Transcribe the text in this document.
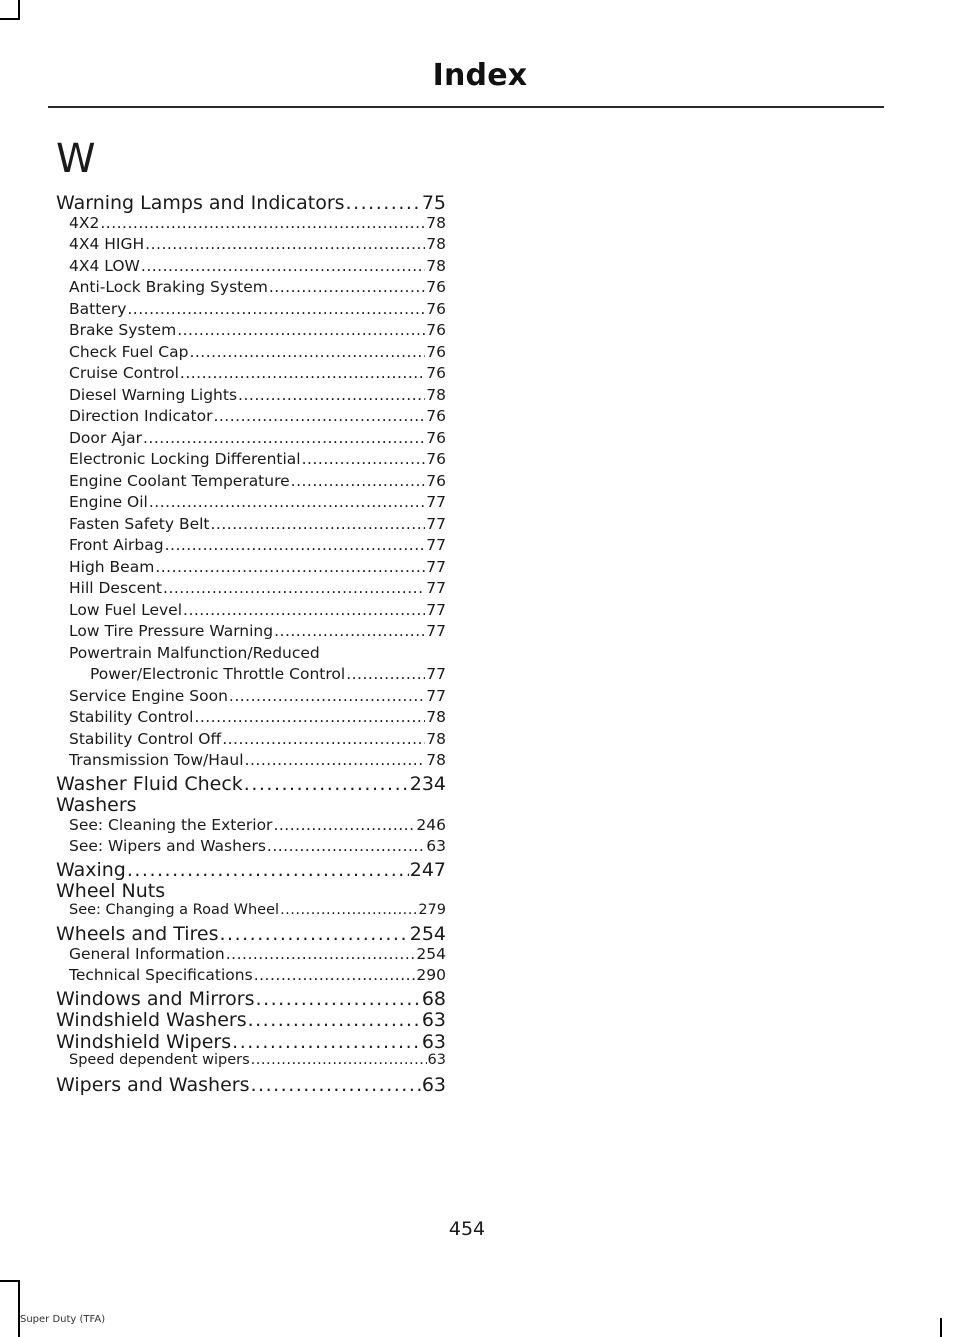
Index
W
Warning Lamps and Indicators .....	75
4X2 .....	78
4X4 HIGH .....	78
4X4 LOW .....	78
Anti-Lock Braking System .....	76
Battery .....	76
Brake System .....	76
Check Fuel Cap .....	76
Cruise Control .....	76
Diesel Warning Lights .....	78
Direction Indicator .....	76
Door Ajar .....	76
Electronic Locking Differential .....	76
Engine Coolant Temperature .....	76
Engine Oil .....	77
Fasten Safety Belt .....	77
Front Airbag .....	77
High Beam .....	77
Hill Descent .....	77
Low Fuel Level .....	77
Low Tire Pressure Warning .....	77
Powertrain Malfunction/Reduced
Power/Electronic Throttle Control .....	77
Service Engine Soon .....	77
Stability Control .....	78
Stability Control Off .....	78
Transmission Tow/Haul .....	78
Washer Fluid Check .....	234
Washers
See: Cleaning the Exterior .....	246
See: Wipers and Washers .....	63
Waxing .....	247
Wheel Nuts
See: Changing a Road Wheel .....	279
Wheels and Tires .....	254
General Information .....	254
Technical Specifications .....	290
Windows and Mirrors .....	68
Windshield Washers .....	63
Windshield Wipers .....	63
Speed dependent wipers .....	63
Wipers and Washers .....	63
454
Super Duty (TFA)
